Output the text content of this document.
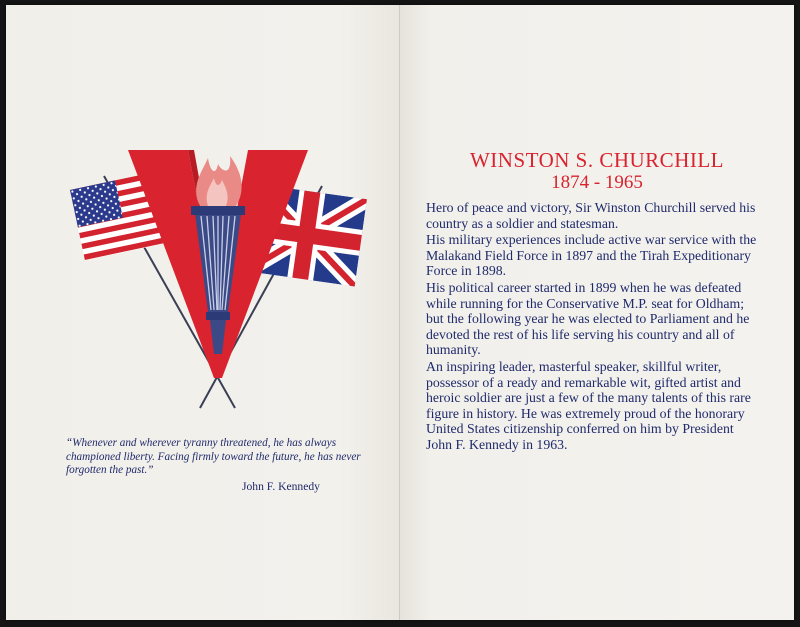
“Whenever and wherever tyranny threatened, he has always championed liberty. Facing firmly toward the future, he has never forgotten the past.”

John F. Kennedy

WINSTON S. CHURCHILL
1874 - 1965

Hero of peace and victory, Sir Winston Churchill served his country as a soldier and statesman.

His military experiences include active war service with the Malakand Field Force in 1897 and the Tirah Expeditionary Force in 1898.

His political career started in 1899 when he was defeated while running for the Conservative M.P. seat for Oldham; but the following year he was elected to Parliament and he devoted the rest of his life serving his country and all of humanity.

An inspiring leader, masterful speaker, skillful writer, possessor of a ready and remarkable wit, gifted artist and heroic soldier are just a few of the many talents of this rare figure in history. He was extremely proud of the honorary United States citizenship conferred on him by President John F. Kennedy in 1963.
